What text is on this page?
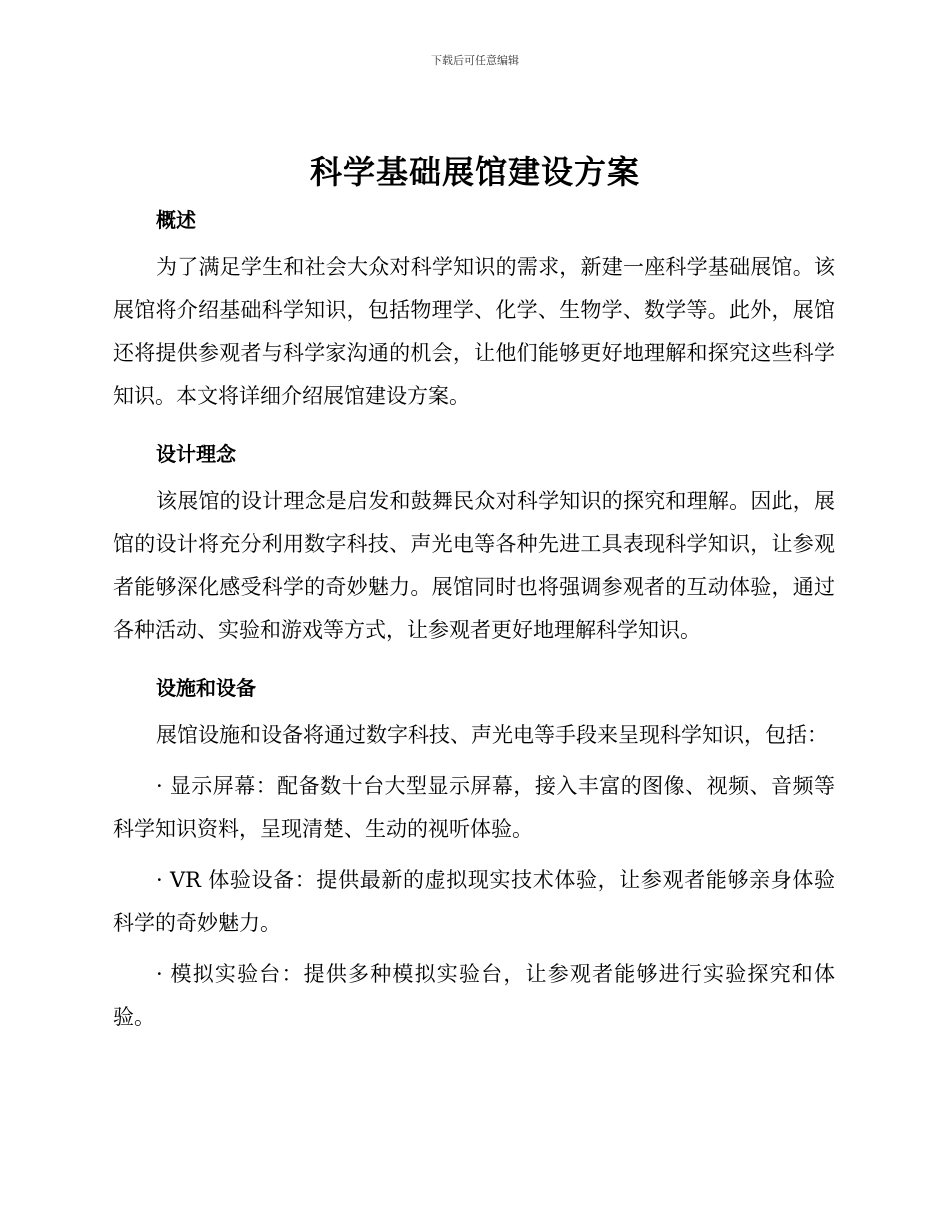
下载后可任意编辑
科学基础展馆建设方案
概述

为了满足学生和社会大众对科学知识的需求，新建一座科学基础展馆。该展馆将介绍基础科学知识，包括物理学、化学、生物学、数学等。此外，展馆还将提供参观者与科学家沟通的机会，让他们能够更好地理解和探究这些科学知识。本文将详细介绍展馆建设方案。

设计理念

该展馆的设计理念是启发和鼓舞民众对科学知识的探究和理解。因此，展馆的设计将充分利用数字科技、声光电等各种先进工具表现科学知识，让参观者能够深化感受科学的奇妙魅力。展馆同时也将强调参观者的互动体验，通过各种活动、实验和游戏等方式，让参观者更好地理解科学知识。

设施和设备

展馆设施和设备将通过数字科技、声光电等手段来呈现科学知识，包括：

· 显示屏幕：配备数十台大型显示屏幕，接入丰富的图像、视频、音频等科学知识资料，呈现清楚、生动的视听体验。

· VR 体验设备：提供最新的虚拟现实技术体验，让参观者能够亲身体验科学的奇妙魅力。

· 模拟实验台：提供多种模拟实验台，让参观者能够进行实验探究和体验。
